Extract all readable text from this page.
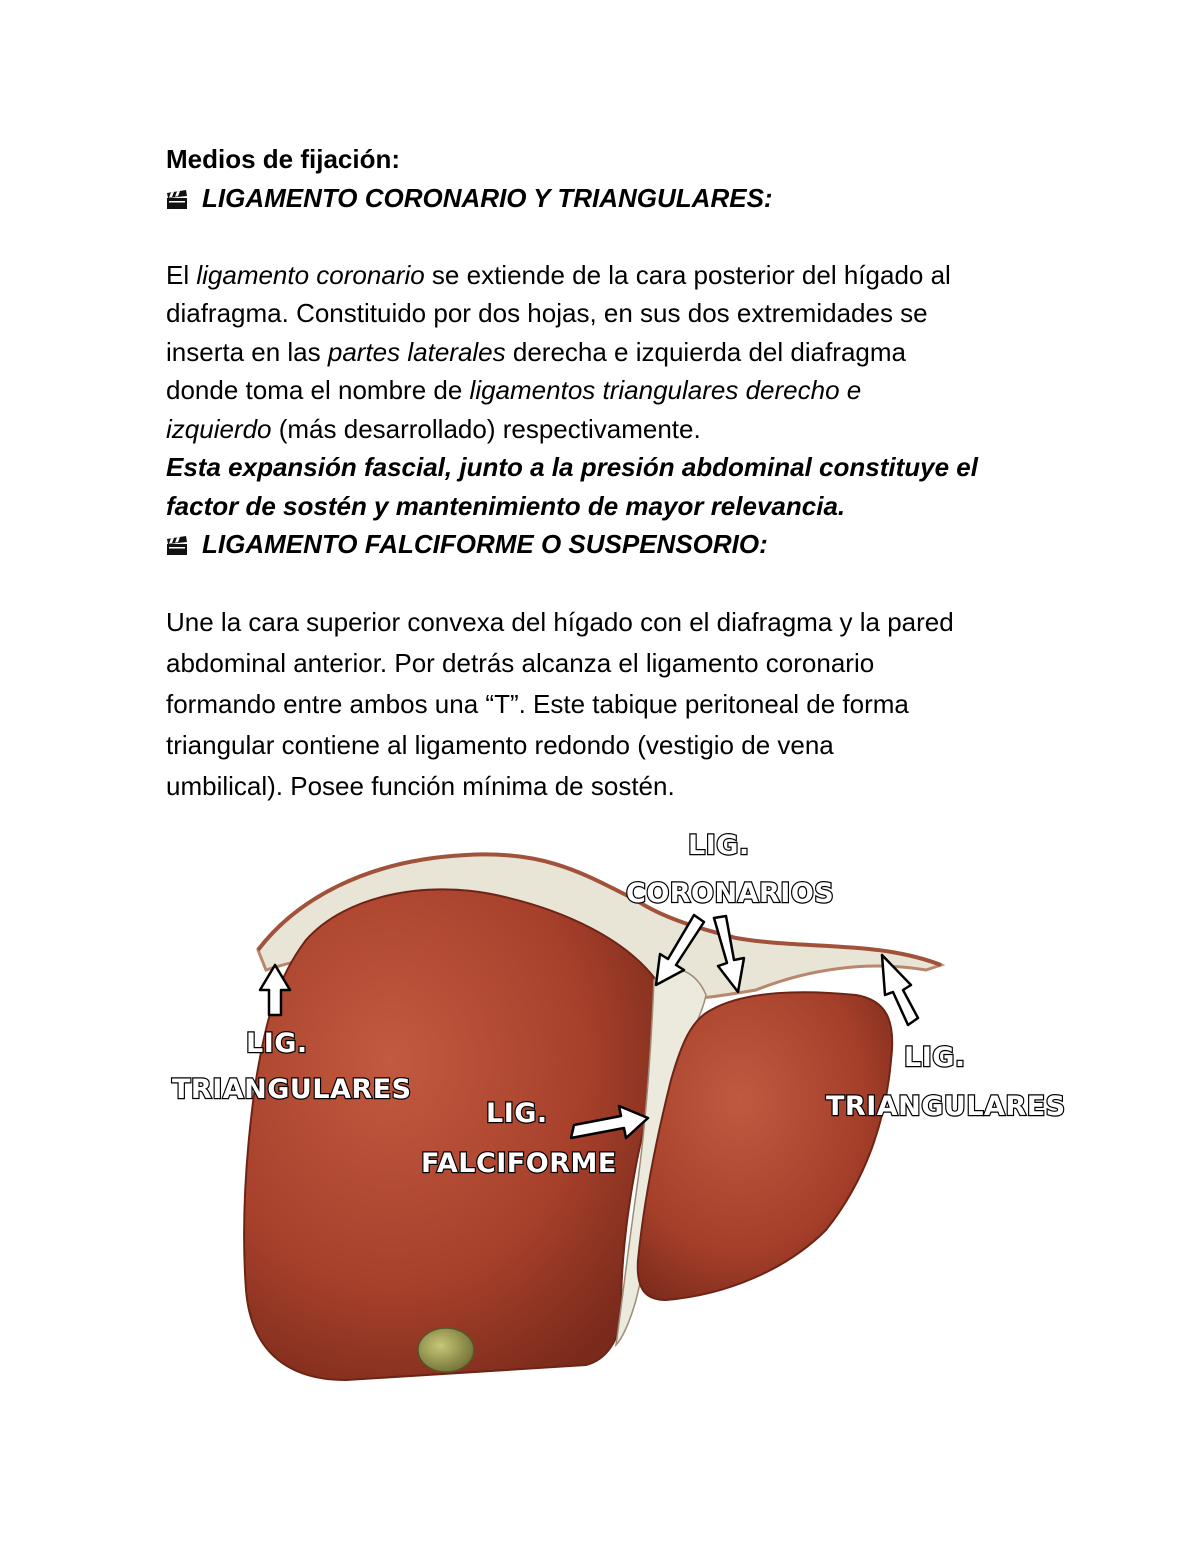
Medios de fijación:
LIGAMENTO CORONARIO Y TRIANGULARES:
El ligamento coronario se extiende de la cara posterior del hígado al
diafragma. Constituido por dos hojas, en sus dos extremidades se
inserta en las partes laterales derecha e izquierda del diafragma
donde toma el nombre de ligamentos triangulares derecho e
izquierdo (más desarrollado) respectivamente.
Esta expansión fascial, junto a la presión abdominal constituye el
factor de sostén y mantenimiento de mayor relevancia.
LIGAMENTO FALCIFORME O SUSPENSORIO:
Une la cara superior convexa del hígado con el diafragma y la pared
abdominal anterior. Por detrás alcanza el ligamento coronario
formando entre ambos una “T”. Este tabique peritoneal de forma
triangular contiene al ligamento redondo (vestigio de vena
umbilical). Posee función mínima de sostén.
LIG.
CORONARIOS
LIG.
TRIANGULARES
LIG.
TRIANGULARES
LIG.
FALCIFORME
